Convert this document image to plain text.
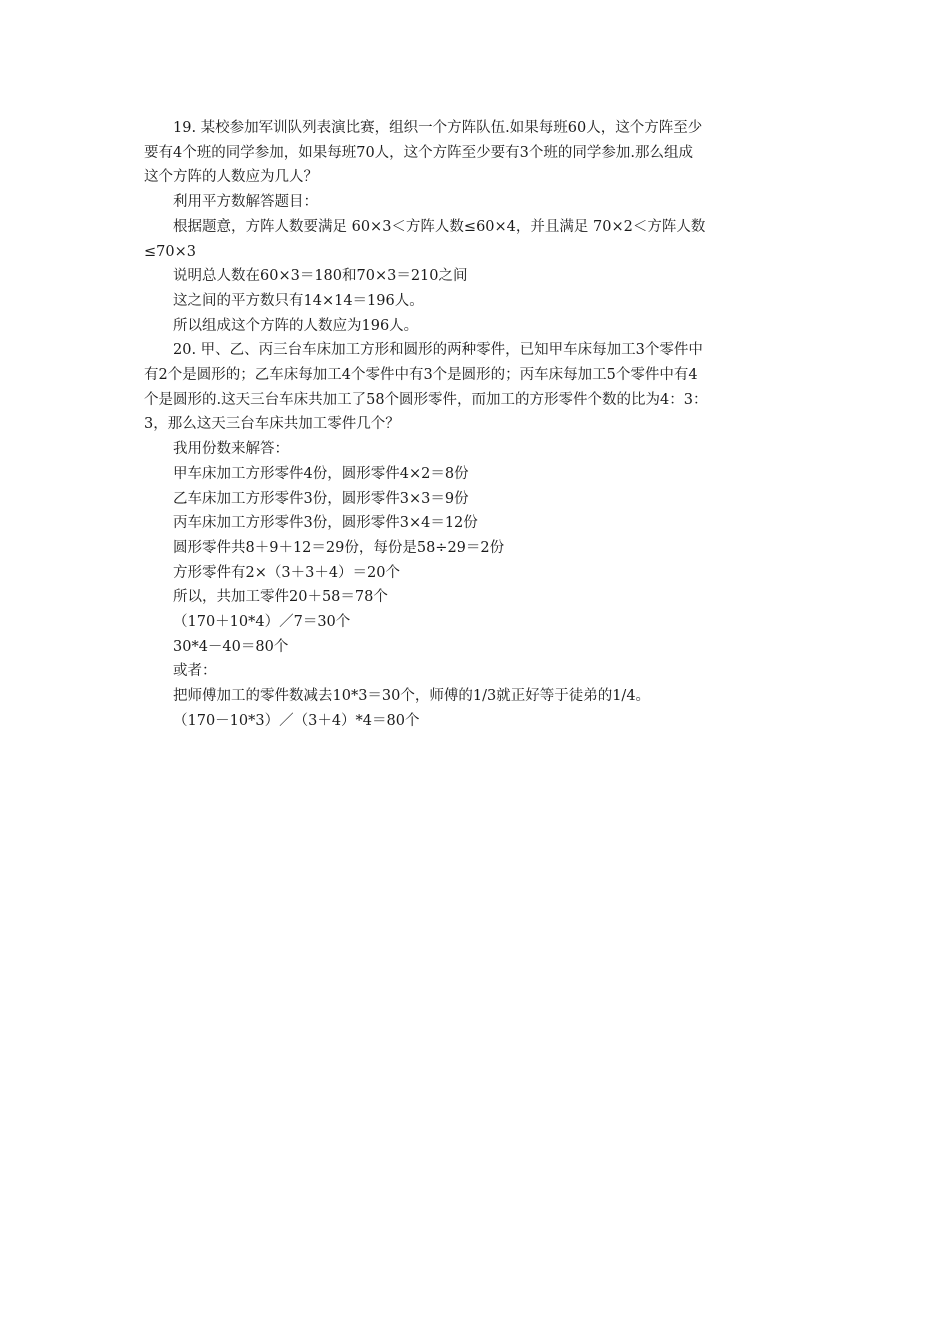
19. 某校参加军训队列表演比赛，组织一个方阵队伍.如果每班60人，这个方阵至少
要有4个班的同学参加，如果每班70人，这个方阵至少要有3个班的同学参加.那么组成
这个方阵的人数应为几人？
利用平方数解答题目：
根据题意，方阵人数要满足 60×3＜方阵人数≤60×4，并且满足 70×2＜方阵人数
≤70×3
说明总人数在60×3＝180和70×3＝210之间
这之间的平方数只有14×14＝196人。
所以组成这个方阵的人数应为196人。
20. 甲、乙、丙三台车床加工方形和圆形的两种零件，已知甲车床每加工3个零件中
有2个是圆形的；乙车床每加工4个零件中有3个是圆形的；丙车床每加工5个零件中有4
个是圆形的.这天三台车床共加工了58个圆形零件，而加工的方形零件个数的比为4：3：
3，那么这天三台车床共加工零件几个？
我用份数来解答：
甲车床加工方形零件4份，圆形零件4×2＝8份
乙车床加工方形零件3份，圆形零件3×3＝9份
丙车床加工方形零件3份，圆形零件3×4＝12份
圆形零件共8＋9＋12＝29份，每份是58÷29＝2份
方形零件有2×（3＋3＋4）＝20个
所以，共加工零件20＋58＝78个
（170＋10*4）／7＝30个
30*4－40＝80个
或者：
把师傅加工的零件数减去10*3＝30个，师傅的1/3就正好等于徒弟的1/4。
（170－10*3）／（3＋4）*4＝80个
